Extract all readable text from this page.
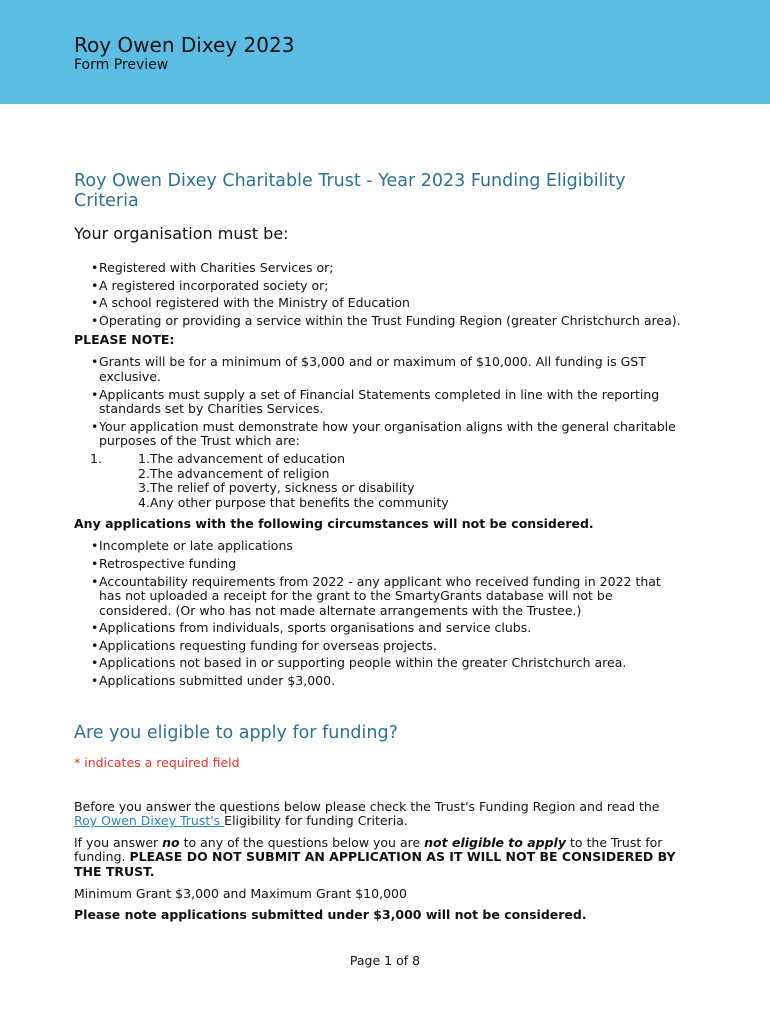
Roy Owen Dixey 2023
Form Preview
Roy Owen Dixey Charitable Trust - Year 2023 Funding Eligibility Criteria
Your organisation must be:
• Registered with Charities Services or;
• A registered incorporated society or;
• A school registered with the Ministry of Education
• Operating or providing a service within the Trust Funding Region (greater Christchurch area).
PLEASE NOTE:
• Grants will be for a minimum of $3,000 and or maximum of $10,000. All funding is GST exclusive.
• Applicants must supply a set of Financial Statements completed in line with the reporting standards set by Charities Services.
• Your application must demonstrate how your organisation aligns with the general charitable purposes of the Trust which are:
1.	1.The advancement of education
2.The advancement of religion
3.The relief of poverty, sickness or disability
4.Any other purpose that benefits the community
Any applications with the following circumstances will not be considered.
• Incomplete or late applications
• Retrospective funding
• Accountability requirements from 2022 - any applicant who received funding in 2022 that has not uploaded a receipt for the grant to the SmartyGrants database will not be considered. (Or who has not made alternate arrangements with the Trustee.)
• Applications from individuals, sports organisations and service clubs.
• Applications requesting funding for overseas projects.
• Applications not based in or supporting people within the greater Christchurch area.
• Applications submitted under $3,000.
Are you eligible to apply for funding?
* indicates a required field

Before you answer the questions below please check the Trust's Funding Region and read the Roy Owen Dixey Trust's Eligibility for funding Criteria.

If you answer no to any of the questions below you are not eligible to apply to the Trust for funding. PLEASE DO NOT SUBMIT AN APPLICATION AS IT WILL NOT BE CONSIDERED BY THE TRUST.

Minimum Grant $3,000 and Maximum Grant $10,000

Please note applications submitted under $3,000 will not be considered.

Page 1 of 8
